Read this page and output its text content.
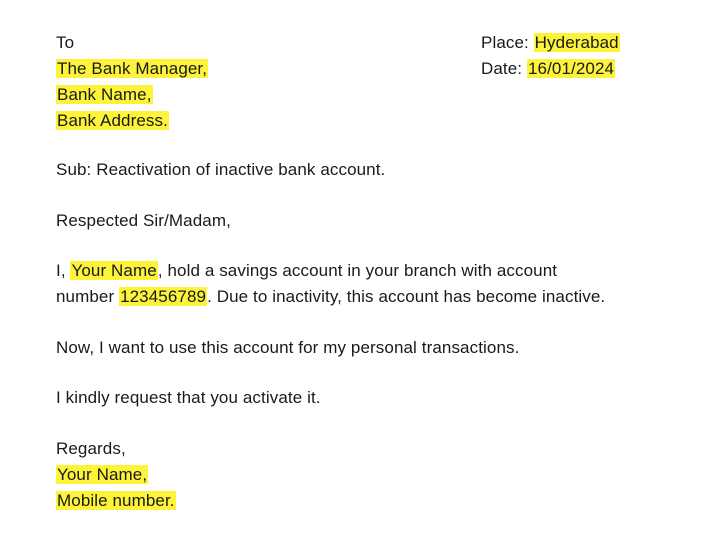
To
The Bank Manager,
Bank Name,
Bank Address.
Place: Hyderabad
Date: 16/01/2024
Sub: Reactivation of inactive bank account.
Respected Sir/Madam,
I, Your Name, hold a savings account in your branch with account
number 123456789. Due to inactivity, this account has become inactive.
Now, I want to use this account for my personal transactions.
I kindly request that you activate it.
Regards,
Your Name,
Mobile number.
